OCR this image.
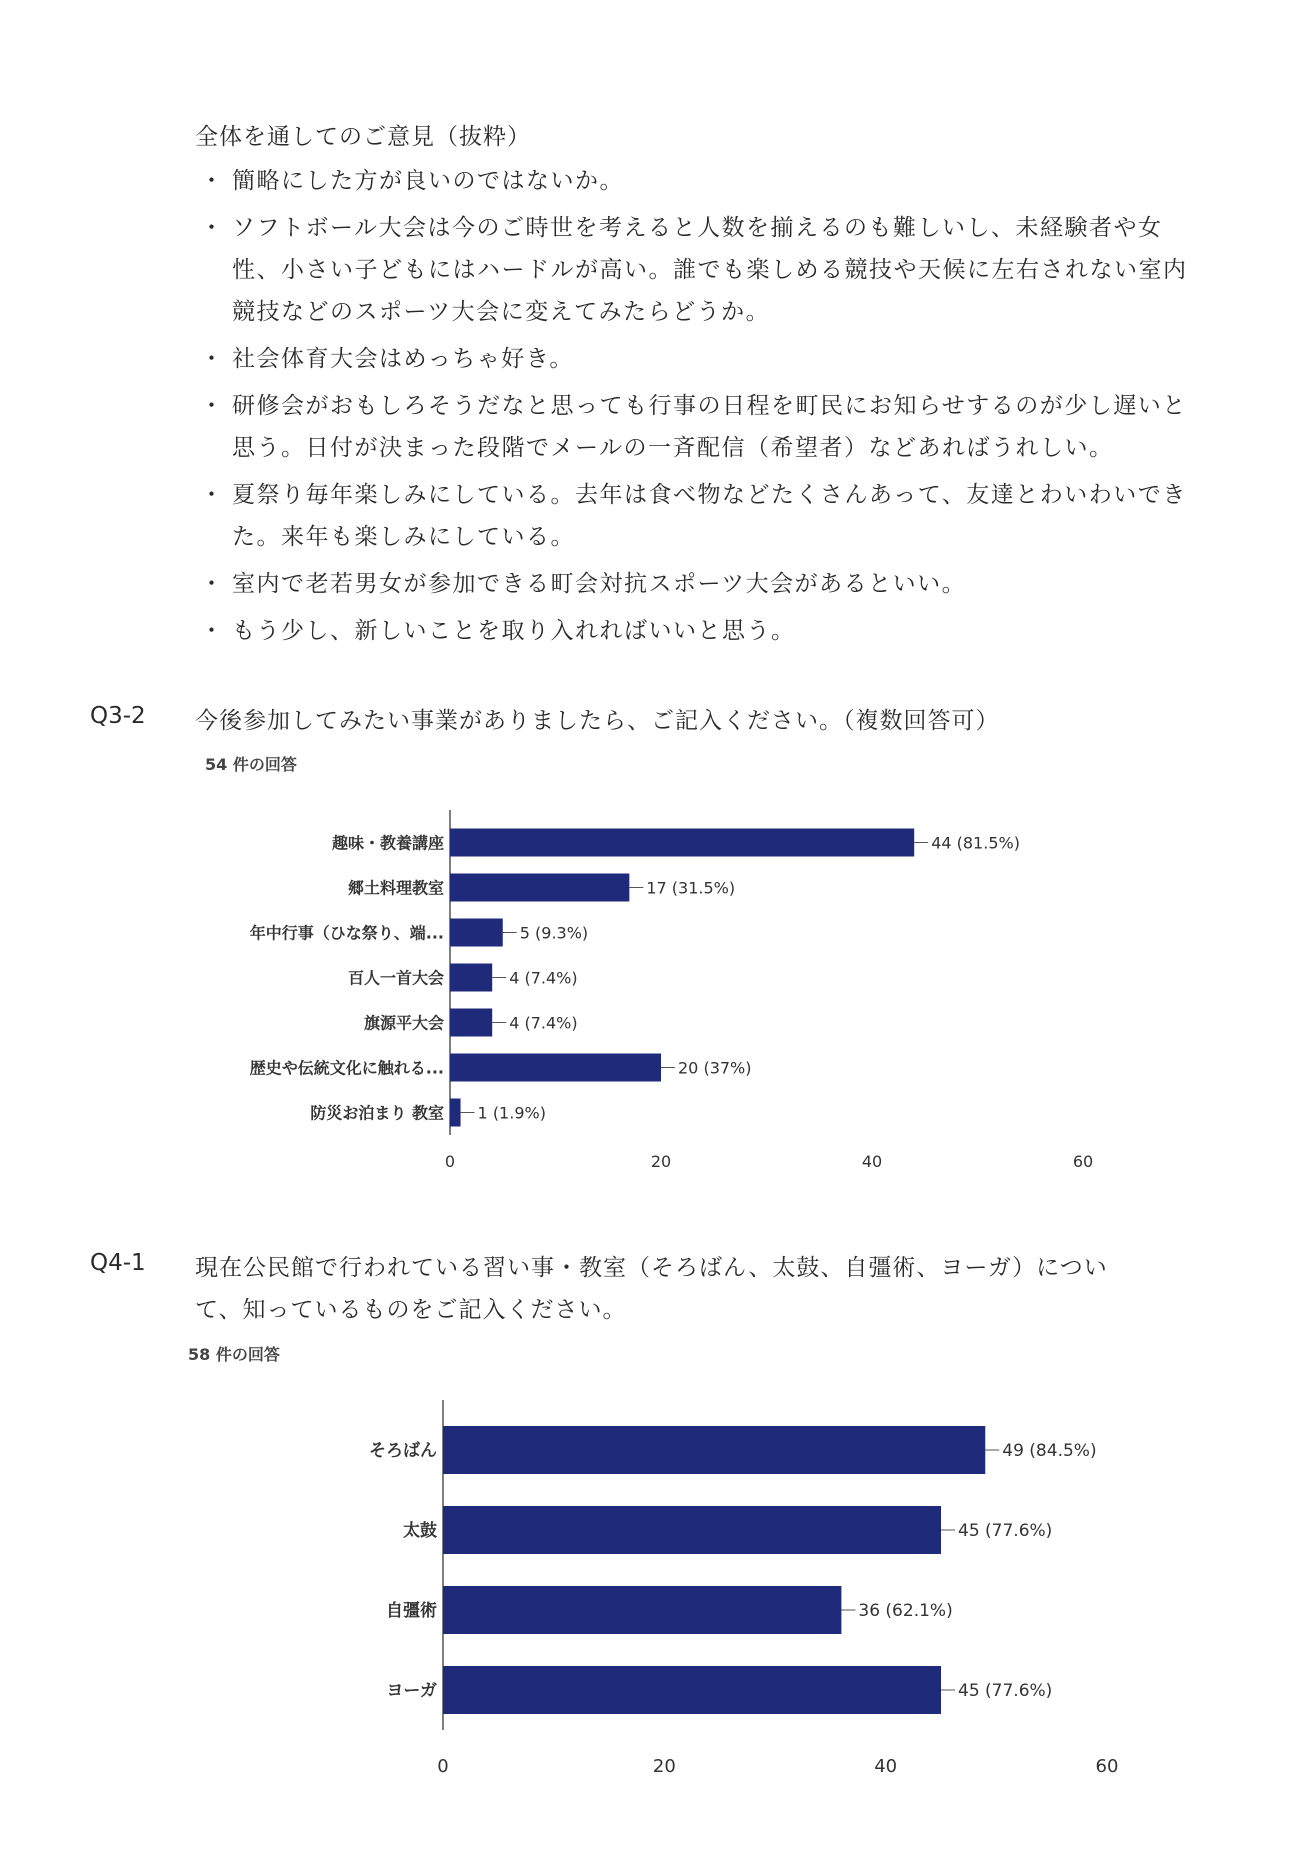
全体を通してのご意見（抜粋）
・ 簡略にした方が良いのではないか。
・ ソフトボール大会は今のご時世を考えると人数を揃えるのも難しいし、未経験者や女性、小さい子どもにはハードルが高い。誰でも楽しめる競技や天候に左右されない室内競技などのスポーツ大会に変えてみたらどうか。
・ 社会体育大会はめっちゃ好き。
・ 研修会がおもしろそうだなと思っても行事の日程を町民にお知らせするのが少し遅いと思う。日付が決まった段階でメールの一斉配信（希望者）などあればうれしい。
・ 夏祭り毎年楽しみにしている。去年は食べ物などたくさんあって、友達とわいわいできた。来年も楽しみにしている。
・ 室内で老若男女が参加できる町会対抗スポーツ大会があるといい。
・ もう少し、新しいことを取り入れればいいと思う。
Q3-2 今後参加してみたい事業がありましたら、ご記入ください。（複数回答可）
54 件の回答
趣味・教養講座	44 (81.5%)
郷土料理教室	17 (31.5%)
年中行事（ひな祭り、端...	5 (9.3%)
百人一首大会	4 (7.4%)
旗源平大会	4 (7.4%)
歴史や伝統文化に触れる...	20 (37%)
防災お泊まり 教室 1 (1.9%)
0	20	40	60
Q4-1 現在公民館で行われている習い事・教室（そろばん、太鼓、自彊術、ヨーガ）につい
て、知っているものをご記入ください。
58 件の回答
そろばん	49 (84.5%)
太鼓	45 (77.6%)
自彊術	36 (62.1%)
ヨーガ	45 (77.6%)
0	20	40	60
